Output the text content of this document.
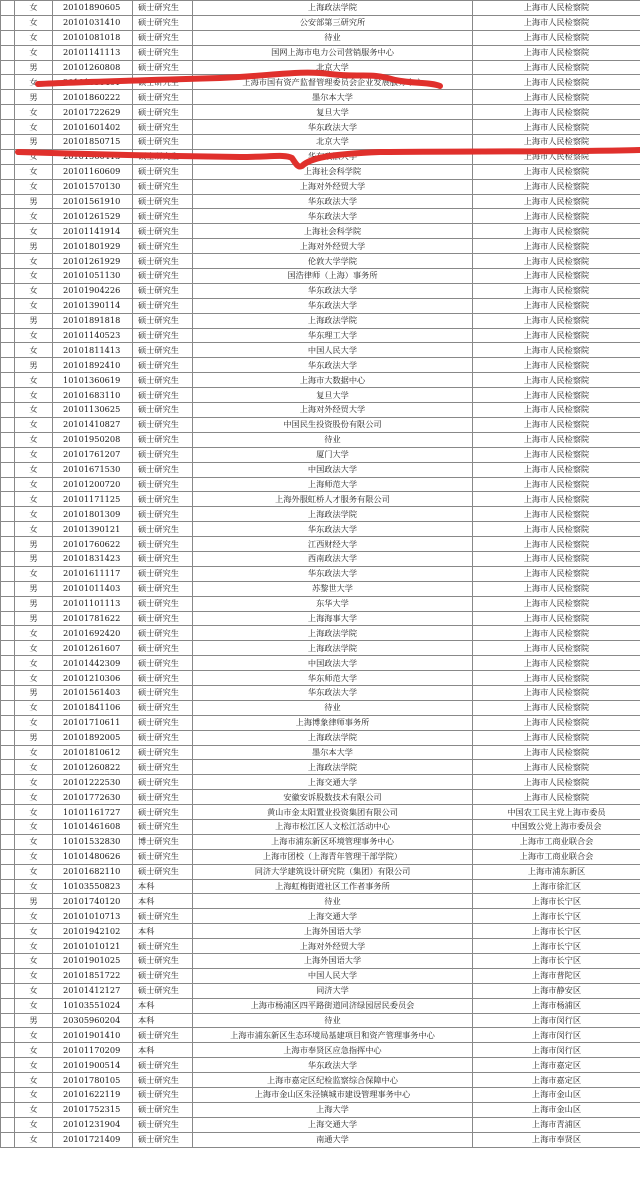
	女	20101890605	硕士研究生	上海政法学院	上海市人民检察院
	女	20101031410	硕士研究生	公安部第三研究所	上海市人民检察院
	女	20101081018	硕士研究生	待业	上海市人民检察院
	女	20101141113	硕士研究生	国网上海市电力公司营销服务中心	上海市人民检察院
	男	20101260808	硕士研究生	北京大学	上海市人民检察院
	女	20101050401	硕士研究生	上海市国有资产监督管理委员会企业发展服务中心	上海市人民检察院
	男	20101860222	硕士研究生	墨尔本大学	上海市人民检察院
	女	20101722629	硕士研究生	复旦大学	上海市人民检察院
	女	20101601402	硕士研究生	华东政法大学	上海市人民检察院
	男	20101850715	硕士研究生	北京大学	上海市人民检察院
	女	20101560413	硕士研究生	华东政法大学	上海市人民检察院
	女	20101160609	硕士研究生	上海社会科学院	上海市人民检察院
	女	20101570130	硕士研究生	上海对外经贸大学	上海市人民检察院
	男	20101561910	硕士研究生	华东政法大学	上海市人民检察院
	女	20101261529	硕士研究生	华东政法大学	上海市人民检察院
	女	20101141914	硕士研究生	上海社会科学院	上海市人民检察院
	男	20101801929	硕士研究生	上海对外经贸大学	上海市人民检察院
	女	20101261929	硕士研究生	伦敦大学学院	上海市人民检察院
	女	20101051130	硕士研究生	国浩律师（上海）事务所	上海市人民检察院
	女	20101904226	硕士研究生	华东政法大学	上海市人民检察院
	女	20101390114	硕士研究生	华东政法大学	上海市人民检察院
	男	20101891818	硕士研究生	上海政法学院	上海市人民检察院
	女	20101140523	硕士研究生	华东理工大学	上海市人民检察院
	女	20101811413	硕士研究生	中国人民大学	上海市人民检察院
	男	20101892410	硕士研究生	华东政法大学	上海市人民检察院
	女	10101360619	硕士研究生	上海市大数据中心	上海市人民检察院
	女	20101683110	硕士研究生	复旦大学	上海市人民检察院
	女	20101130625	硕士研究生	上海对外经贸大学	上海市人民检察院
	女	20101410827	硕士研究生	中国民生投资股份有限公司	上海市人民检察院
	女	20101950208	硕士研究生	待业	上海市人民检察院
	女	20101761207	硕士研究生	厦门大学	上海市人民检察院
	女	20101671530	硕士研究生	中国政法大学	上海市人民检察院
	女	20101200720	硕士研究生	上海师范大学	上海市人民检察院
	女	20101171125	硕士研究生	上海外服虹桥人才服务有限公司	上海市人民检察院
	女	20101801309	硕士研究生	上海政法学院	上海市人民检察院
	女	20101390121	硕士研究生	华东政法大学	上海市人民检察院
	男	20101760622	硕士研究生	江西财经大学	上海市人民检察院
	男	20101831423	硕士研究生	西南政法大学	上海市人民检察院
	女	20101611117	硕士研究生	华东政法大学	上海市人民检察院
	男	20101011403	硕士研究生	苏黎世大学	上海市人民检察院
	男	20101101113	硕士研究生	东华大学	上海市人民检察院
	男	20101781622	硕士研究生	上海海事大学	上海市人民检察院
	女	20101692420	硕士研究生	上海政法学院	上海市人民检察院
	女	20101261607	硕士研究生	上海政法学院	上海市人民检察院
	女	20101442309	硕士研究生	中国政法大学	上海市人民检察院
	女	20101210306	硕士研究生	华东师范大学	上海市人民检察院
	男	20101561403	硕士研究生	华东政法大学	上海市人民检察院
	女	20101841106	硕士研究生	待业	上海市人民检察院
	女	20101710611	硕士研究生	上海博象律师事务所	上海市人民检察院
	男	20101892005	硕士研究生	上海政法学院	上海市人民检察院
	女	20101810612	硕士研究生	墨尔本大学	上海市人民检察院
	女	20101260822	硕士研究生	上海政法学院	上海市人民检察院
	女	20101222530	硕士研究生	上海交通大学	上海市人民检察院
	女	20101772630	硕士研究生	安徽安诉股数技术有限公司	上海市人民检察院
	女	10101161727	硕士研究生	黄山市金太阳置业投资集团有限公司	中国农工民主党上海市委员
	女	10101461608	硕士研究生	上海市松江区人文松江活动中心	中国致公党上海市委员会
	女	10101532830	博士研究生	上海市浦东新区环境管理事务中心	上海市工商业联合会
	女	10101480626	硕士研究生	上海市团校（上海青年管理干部学院）	上海市工商业联合会
	女	20101682110	硕士研究生	同济大学建筑设计研究院（集团）有限公司	上海市浦东新区
	女	10103550823	本科	上海虹梅街道社区工作者事务所	上海市徐汇区
	男	20101740120	本科	待业	上海市长宁区
	女	20101010713	硕士研究生	上海交通大学	上海市长宁区
	女	20101942102	本科	上海外国语大学	上海市长宁区
	女	20101010121	硕士研究生	上海对外经贸大学	上海市长宁区
	女	20101901025	硕士研究生	上海外国语大学	上海市长宁区
	女	20101851722	硕士研究生	中国人民大学	上海市普陀区
	女	20101412127	硕士研究生	同济大学	上海市静安区
	女	10103551024	本科	上海市杨浦区四平路街道同济绿园居民委员会	上海市杨浦区
	男	20305960204	本科	待业	上海市闵行区
	女	20101901410	硕士研究生	上海市浦东新区生态环境局基建项目和资产管理事务中心	上海市闵行区
	女	20101170209	本科	上海市奉贤区应急指挥中心	上海市闵行区
	女	20101900514	硕士研究生	华东政法大学	上海市嘉定区
	女	20101780105	硕士研究生	上海市嘉定区纪检监察综合保障中心	上海市嘉定区
	女	20101622119	硕士研究生	上海市金山区朱泾镇城市建设管理事务中心	上海市金山区
	女	20101752315	硕士研究生	上海大学	上海市金山区
	女	20101231904	硕士研究生	上海交通大学	上海市青浦区
	女	20101721409	硕士研究生	南通大学	上海市奉贤区
